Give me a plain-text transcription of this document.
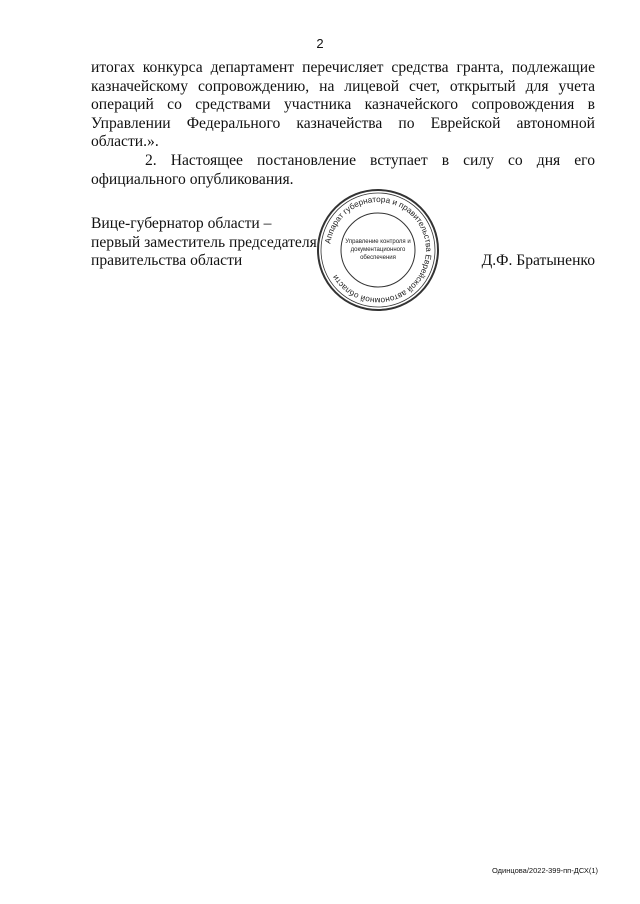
2

итогах конкурса департамент перечисляет средства гранта, подлежащие казначейскому сопровождению, на лицевой счет, открытый для учета операций со средствами участника казначейского сопровождения в Управлении Федерального казначейства по Еврейской автономной области.».

2. Настоящее постановление вступает в силу со дня его официального опубликования.

Вице-губернатор области –
первый заместитель председателя
правительства области
Аппарат губернатора и правительства Еврейской автономной области
Управление контроля и
документационного
обеспечения	Д.Ф. Братыненко
Одинцова/2022-399-пп-ДСХ(1)
